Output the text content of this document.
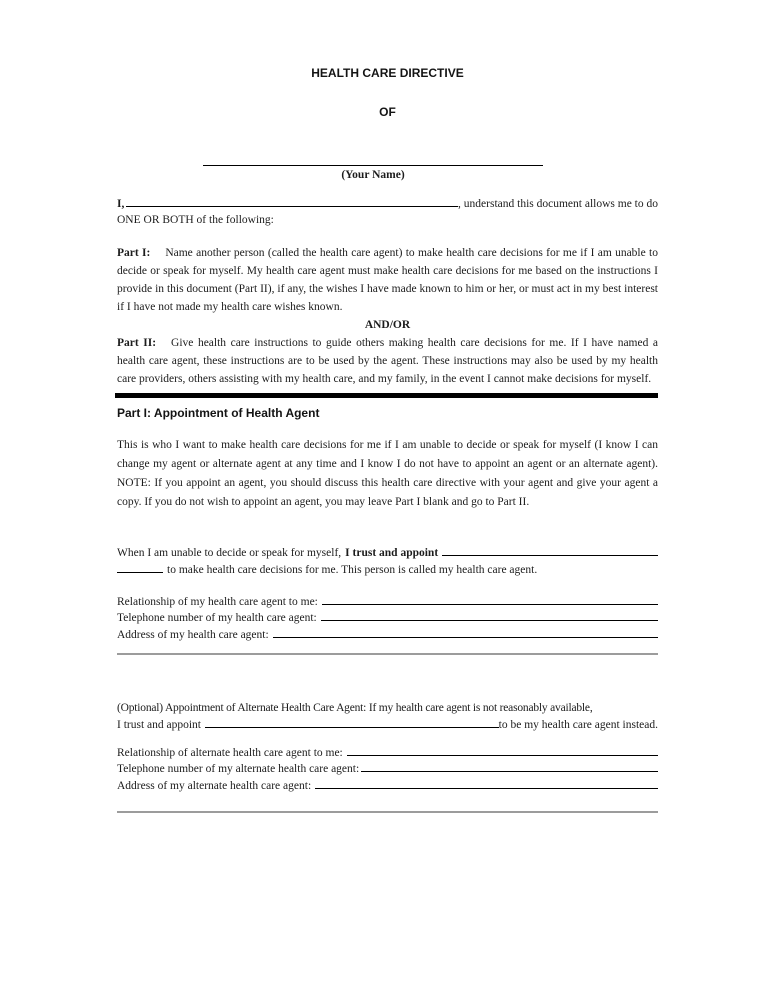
HEALTH CARE DIRECTIVE
OF
(Your Name)
I,	, understand this document allows me to do
ONE OR BOTH of the following:

Part I: Name another person (called the health care agent) to make health care decisions for me if I am unable to decide or speak for myself. My health care agent must make health care decisions for me based on the instructions I provide in this document (Part II), if any, the wishes I have made known to him or her, or must act in my best interest if I have not made my health care wishes known.

AND/OR

Part II: Give health care instructions to guide others making health care decisions for me. If I have named a health care agent, these instructions are to be used by the agent. These instructions may also be used by my health care providers, others assisting with my health care, and my family, in the event I cannot make decisions for myself.

Part I: Appointment of Health Agent

This is who I want to make health care decisions for me if I am unable to decide or speak for myself (I know I can change my agent or alternate agent at any time and I know I do not have to appoint an agent or an alternate agent). NOTE: If you appoint an agent, you should discuss this health care directive with your agent and give your agent a copy. If you do not wish to appoint an agent, you may leave Part I blank and go to Part II.

When I am unable to decide or speak for myself, I trust and appoint
to make health care decisions for me. This person is called my health care agent.
Relationship of my health care agent to me:
Telephone number of my health care agent:
Address of my health care agent:
(Optional) Appointment of Alternate Health Care Agent: If my health care agent is not reasonably available,
I trust and appoint	to be my health care agent instead.
Relationship of alternate health care agent to me:
Telephone number of my alternate health care agent:
Address of my alternate health care agent:
